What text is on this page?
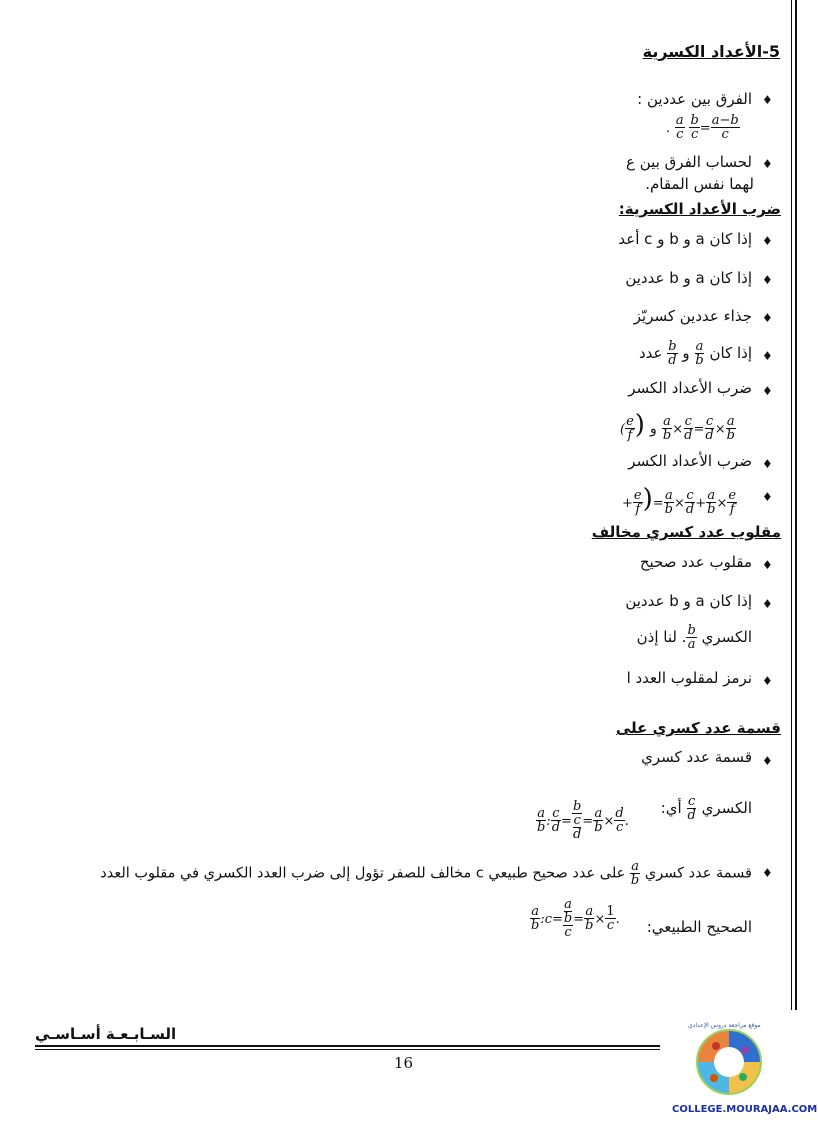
5-الأعداد الكسرية
♦
الفرق بين عددين :
. $\frac{a}{c}$
$\frac{b}{c} = \frac{a-b}{c}$
♦
لحساب الفرق بين ع
لهما نفس المقام.
ضرب الأعداد الكسرية:
♦
إذا كان a و b و c أعد
♦
إذا كان a و b عددين
♦
جذاء عددين كسريّز
♦
إذا كان
$\frac{a}{b}$
و
$\frac{b}{d}$
عدد
♦
ضرب الأعداد الكسر
( $\frac{e}{f}$ ) و $\frac{a}{b} \times \frac{c}{d} = \frac{c}{d} \times \frac{a}{b}$
♦
ضرب الأعداد الكسر
♦
+ $\frac{e}{f}$ )= $\frac{a}{b} \times \frac{c}{d} + \frac{a}{b} \times \frac{e}{f}$
مقلوب عدد كسري مخالف
♦
مقلوب عدد صحيح
♦
إذا كان a و b عددين
الكسري
$\frac{b}{a}$
. لنا إذن
♦
نرمز لمقلوب العدد ا
قسمة عدد كسري على
♦
قسمة عدد كسري
الكسري
$\frac{c}{d}$
أي:
$\frac{a}{b}$ : $\frac{c}{d} = b$
c
$d = \frac{a}{b} \times \frac{d}{c}$ .
♦
قسمة عدد كسري
$\frac{a}{b}$
على عدد صحيح طبيعي c مخالف للصفر تؤول إلى ضرب العدد الكسري في مقلوب العدد
الصحيح الطبيعي:
$\frac{a}{b}$ :c= a
b
$c = \frac{a}{b} \times \frac{1}{c}$ .
السـابـعـة أسـاسـي
16
موقع مراجعة دروس الإعدادي
COLLEGE.MOURAJAA.COM
